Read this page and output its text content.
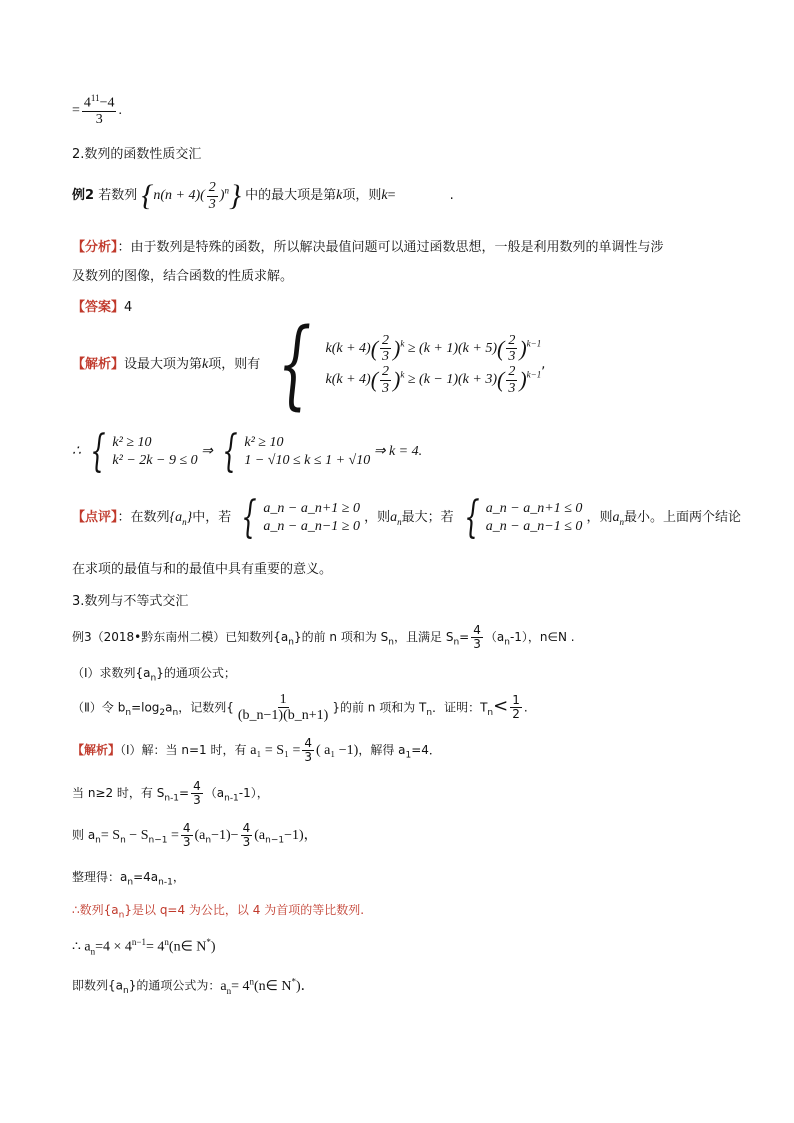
= $\frac{4^{11}-4}{3}$ .
2.数列的函数性质交汇
例2 若数列 $\{n(n + 4)( \frac{2}{3} )^n\}$ 中的最大项是第k项，则k=	.
【分析】：由于数列是特殊的函数，所以解决最值问题可以通过函数思想，一般是利用数列的单调性与涉
及数列的图像，结合函数的性质求解。
【答案】4
【解析】设最大项为第k项，则有 { $k(k + 4)( \frac{2}{3} )^k \ge (k + 1)(k + 5)( \frac{2}{3} )^{k-1}$
$k(k + 4)( \frac{2}{3} )^k \ge (k - 1)(k + 3)( \frac{2}{3} )^{k-1}$
,
∴ { k² ≥ 10
k² − 2k − 9 ≤ 0
⇒ { k² ≥ 10
1 − √10 ≤ k ≤ 1 + √10
⇒ k = 4.
【点评】：在数列$\{a_n\}$中，若 { a_n − a_n+1 ≥ 0
a_n − a_n−1 ≥ 0
，则$a_n$最大；若 { a_n − a_n+1 ≤ 0
a_n − a_n−1 ≤ 0
，则$a_n$最小。上面两个结论
在求项的最值与和的最值中具有重要的意义。
3.数列与不等式交汇
例3（2018•黔东南州二模）已知数列$\{a_n\}$的前 n 项和为 $S_n$，且满足 $S_n= \frac{4}{3} (a_n-1)$，n∈N .
（Ⅰ）求数列$\{a_n\}$的通项公式；
（Ⅱ）令 $b_n=\log_2a_n$，记数列{ $\frac{1}{(b\_n-1)(b\_n+1)}$ }的前 n 项和为 $T_n$．证明：$T_n< \frac{1}{2}$ .
【解析】（Ⅰ）解：当 n=1 时，有 $a_1 = S_1 = \frac{4}{3}$ ( a₁ −1)，解得 $a_1=4$．
当 n≥2 时，有 $S_{n-1}= \frac{4}{3} (a_{n-1}-1)$，
则 $a_n= S_n - S_{n-1} = \frac{4}{3} (a_n-1)- \frac{4}{3} (a_{n-1}-1)$，
整理得：$a_n=4a_{n-1}$，
∴数列$\{a_n\}$是以 q=4 为公比，以 4 为首项的等比数列.
∴ $a_n=4 \times 4^{n-1}=$ $4^n(n\in$ N*)
即数列$\{a_n\}$的通项公式为：$a_n=$ $4^n(n\in$ N*)．
